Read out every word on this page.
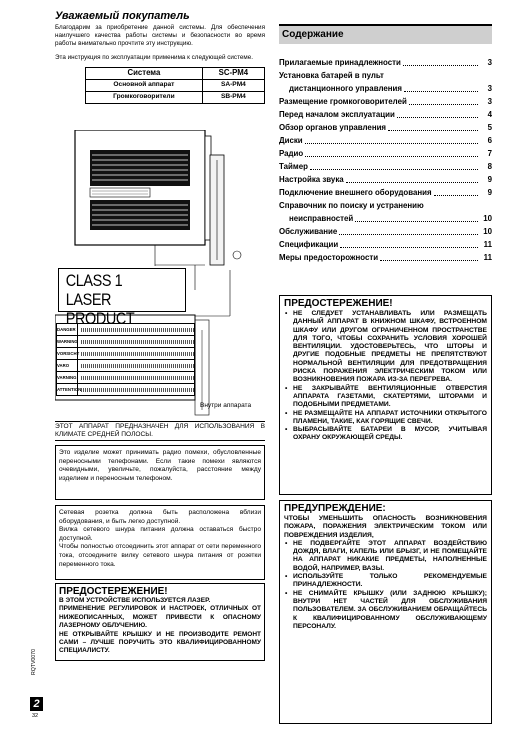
Уважаемый покупатель

Благодарим за приобретение данной системы. Для обеспечения наилучшего качества работы системы и безопасности во время работы внимательно прочтите эту инструкцию.

Эта инструкция по эксплуатации применима к следующей системе.

Система	SC-PM4
Основной аппарат	SA-PM4
Громкоговорители	SB-PM4
CLASS 1
LASER PRODUCT
DANGER
WARNING
VORSICHT
VARO
VARNING
ATTENTION
Внутри аппарата
ЭТОТ АППАРАТ ПРЕДНАЗНАЧЕН ДЛЯ ИСПОЛЬЗОВАНИЯ В КЛИМАТЕ СРЕДНЕЙ ПОЛОСЫ.
Это изделие может принимать радио помехи, обусловленные переносными телефонами. Если такие помехи являются очевидными, увеличьте, пожалуйста, расстояние между изделием и переносным телефоном.

Сетевая розетка должна быть расположена вблизи оборудования, и быть легко доступной.

Вилка сетевого шнура питания должна оставаться быстро доступной.

Чтобы полностью отсоединить этот аппарат от сети переменного тока, отсоедините вилку сетевого шнура питания от розетки переменного тока.

ПРЕДОСТЕРЕЖЕНИЕ!

В ЭТОМ УСТРОЙСТВЕ ИСПОЛЬЗУЕТСЯ ЛАЗЕР.

ПРИМЕНЕНИЕ РЕГУЛИРОВОК И НАСТРОЕК, ОТЛИЧНЫХ ОТ НИЖЕОПИСАННЫХ, МОЖЕТ ПРИВЕСТИ К ОПАСНОМУ ЛАЗЕРНОМУ ОБЛУЧЕНИЮ.

НЕ ОТКРЫВАЙТЕ КРЫШКУ И НЕ ПРОИЗВОДИТЕ РЕМОНТ САМИ – ЛУЧШЕ ПОРУЧИТЬ ЭТО КВАЛИФИЦИРОВАННОМУ СПЕЦИАЛИСТУ.

RQTV0070
2
32
Содержание
Прилагаемые принадлежности	3
Установка батарей в пульт
дистанционного управления	3
Размещение громкоговорителей	3
Перед началом эксплуатации	4
Обзор органов управления	5
Диски	6
Радио	7
Таймер	8
Настройка звука	9
Подключение внешнего оборудования	9
Справочник по поиску и устранению
неисправностей	10
Обслуживание	10
Спецификации	11
Меры предосторожности	11
ПРЕДОСТЕРЕЖЕНИЕ!
• НЕ СЛЕДУЕТ УСТАНАВЛИВАТЬ ИЛИ РАЗМЕЩАТЬ ДАННЫЙ АППАРАТ В КНИЖНОМ ШКАФУ, ВСТРОЕННОМ ШКАФУ ИЛИ ДРУГОМ ОГРАНИЧЕННОМ ПРОСТРАНСТВЕ ДЛЯ ТОГО, ЧТОБЫ СОХРАНИТЬ УСЛОВИЯ ХОРОШЕЙ ВЕНТИЛЯЦИИ. УДОСТОВЕРЬТЕСЬ, ЧТО ШТОРЫ И ДРУГИЕ ПОДОБНЫЕ ПРЕДМЕТЫ НЕ ПРЕПЯТСТВУЮТ НОРМАЛЬНОЙ ВЕНТИЛЯЦИИ ДЛЯ ПРЕДОТВРАЩЕНИЯ РИСКА ПОРАЖЕНИЯ ЭЛЕКТРИЧЕСКИМ ТОКОМ ИЛИ ВОЗНИКНОВЕНИЯ ПОЖАРА ИЗ-ЗА ПЕРЕГРЕВА.
• НЕ ЗАКРЫВАЙТЕ ВЕНТИЛЯЦИОННЫЕ ОТВЕРСТИЯ АППАРАТА ГАЗЕТАМИ, СКАТЕРТЯМИ, ШТОРАМИ И ПОДОБНЫМИ ПРЕДМЕТАМИ.
• НЕ РАЗМЕЩАЙТЕ НА АППАРАТ ИСТОЧНИКИ ОТКРЫТОГО ПЛАМЕНИ, ТАКИЕ, КАК ГОРЯЩИЕ СВЕЧИ.
• ВЫБРАСЫВАЙТЕ БАТАРЕИ В МУСОР, УЧИТЫВАЯ ОХРАНУ ОКРУЖАЮЩЕЙ СРЕДЫ.
ПРЕДУПРЕЖДЕНИЕ:
ЧТОБЫ УМЕНЬШИТЬ ОПАСНОСТЬ ВОЗНИКНОВЕНИЯ ПОЖАРА, ПОРАЖЕНИЯ ЭЛЕКТРИЧЕСКИМ ТОКОМ ИЛИ ПОВРЕЖДЕНИЯ ИЗДЕЛИЯ,
• НЕ ПОДВЕРГАЙТЕ ЭТОТ АППАРАТ ВОЗДЕЙСТВИЮ ДОЖДЯ, ВЛАГИ, КАПЕЛЬ ИЛИ БРЫЗГ, И НЕ ПОМЕЩАЙТЕ НА АППАРАТ НИКАКИЕ ПРЕДМЕТЫ, НАПОЛНЕННЫЕ ВОДОЙ, НАПРИМЕР, ВАЗЫ.
• ИСПОЛЬЗУЙТЕ ТОЛЬКО РЕКОМЕНДУЕМЫЕ ПРИНАДЛЕЖНОСТИ.
• НЕ СНИМАЙТЕ КРЫШКУ (ИЛИ ЗАДНЮЮ КРЫШКУ); ВНУТРИ НЕТ ЧАСТЕЙ ДЛЯ ОБСЛУЖИВАНИЯ ПОЛЬЗОВАТЕЛЕМ. ЗА ОБСЛУЖИВАНИЕМ ОБРАЩАЙТЕСЬ К КВАЛИФИЦИРОВАННОМУ ОБСЛУЖИВАЮЩЕМУ ПЕРСОНАЛУ.
